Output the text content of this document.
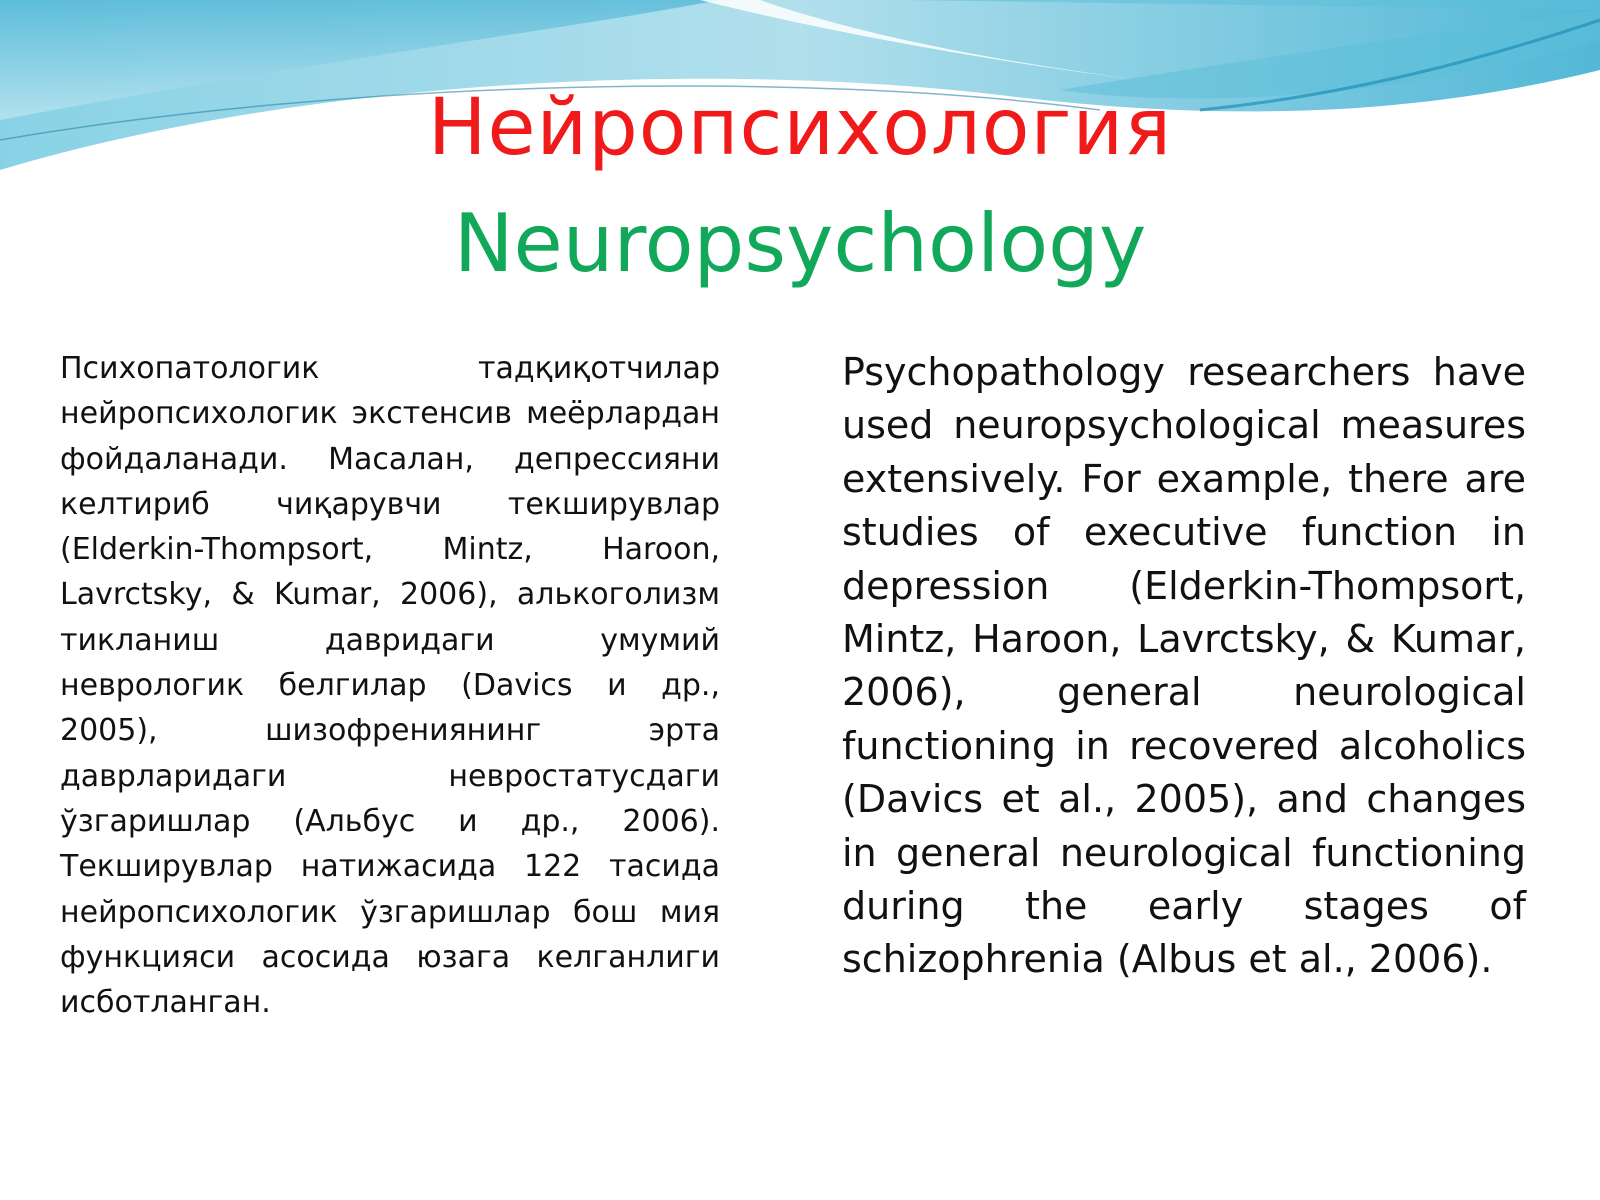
Нейропсихология
Neuropsychology

Психопатологик тадқиқотчилар нейропсихологик экстенсив меёрлардан фойдаланади. Масалан, депрессияни келтириб чиқарувчи текширувлар (Elderkin-Thompsort, Mintz, Haroon, Lavrctsky, & Kumar, 2006), алькоголизм тикланиш давридаги умумий неврологик белгилар (Davics и др., 2005), шизофрениянинг эрта даврларидаги невростатусдаги ўзгаришлар (Альбус и др., 2006). Текширувлар натижасида 122 тасида нейропсихологик ўзгаришлар бош мия функцияси асосида юзага келганлиги исботланган.

Psychopathology researchers have used neuropsychological measures extensively. For example, there are studies of executive function in depression (Elderkin-Thompsort, Mintz, Haroon, Lavrctsky, & Kumar, 2006), general neurological functioning in recovered alcoholics (Davics et al., 2005), and changes in general neurological functioning during the early stages of schizophrenia (Albus et al., 2006).
